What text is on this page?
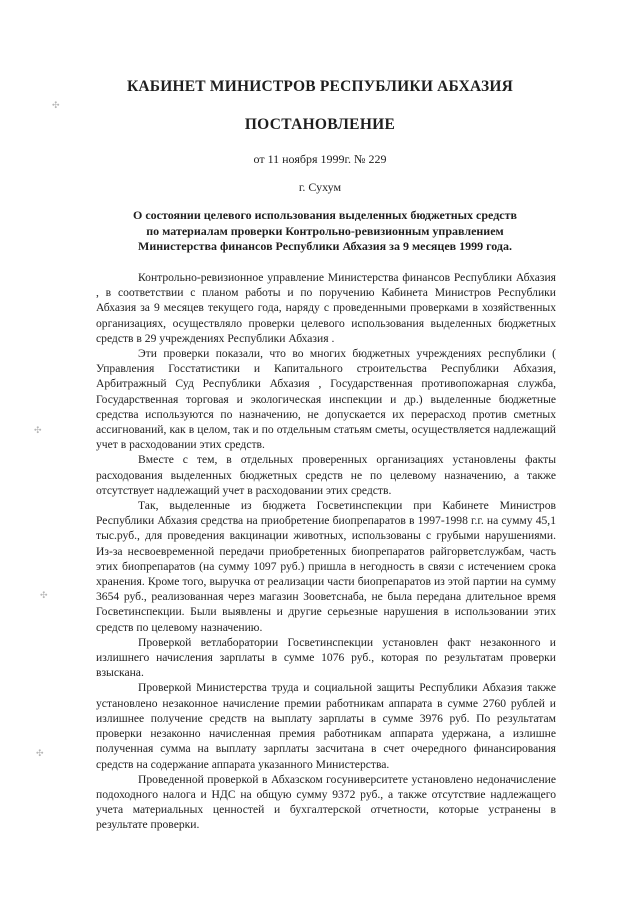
КАБИНЕТ МИНИСТРОВ РЕСПУБЛИКИ АБХАЗИЯ
ПОСТАНОВЛЕНИЕ
от 11 ноября 1999г. № 229
г. Сухум
О состоянии целевого использования выделенных бюджетных средств
по материалам проверки Контрольно-ревизионным управлением
Министерства финансов Республики Абхазия за 9 месяцев 1999 года.

Контрольно-ревизионное управление Министерства финансов Республики Абхазия , в соответствии с планом работы и по поручению Кабинета Министров Республики Абхазия за 9 месяцев текущего года, наряду с проведенными проверками в хозяйственных организациях, осуществляло проверки целевого использования выделенных бюджетных средств в 29 учреждениях Республики Абхазия .

Эти проверки показали, что во многих бюджетных учреждениях республики ( Управления Госстатистики и Капитального строительства Республики Абхазия, Арбитражный Суд Республики Абхазия , Государственная противопожарная служба, Государственная торговая и экологическая инспекции и др.) выделенные бюджетные средства используются по назначению, не допускается их перерасход против сметных ассигнований, как в целом, так и по отдельным статьям сметы, осуществляется надлежащий учет в расходовании этих средств.

Вместе с тем, в отдельных проверенных организациях установлены факты расходования выделенных бюджетных средств не по целевому назначению, а также отсутствует надлежащий учет в расходовании этих средств.

Так, выделенные из бюджета Госветинспекции при Кабинете Министров Республики Абхазия средства на приобретение биопрепаратов в 1997-1998 г.г. на сумму 45,1 тыс.руб., для проведения вакцинации животных, использованы с грубыми нарушениями. Из-за несвоевременной передачи приобретенных биопрепаратов райгорветслужбам, часть этих биопрепаратов (на сумму 1097 руб.) пришла в негодность в связи с истечением срока хранения. Кроме того, выручка от реализации части биопрепаратов из этой партии на сумму 3654 руб., реализованная через магазин Зооветснаба, не была передана длительное время Госветинспекции. Были выявлены и другие серьезные нарушения в использовании этих средств по целевому назначению.

Проверкой ветлаборатории Госветинспекции установлен факт незаконного и излишнего начисления зарплаты в сумме 1076 руб., которая по результатам проверки взыскана.

Проверкой Министерства труда и социальной защиты Республики Абхазия также установлено незаконное начисление премии работникам аппарата в сумме 2760 рублей и излишнее получение средств на выплату зарплаты в сумме 3976 руб. По результатам проверки незаконно начисленная премия работникам аппарата удержана, а излишне полученная сумма на выплату зарплаты засчитана в счет очередного финансирования средств на содержание аппарата указанного Министерства.

Проведенной проверкой в Абхазском госуниверситете установлено недоначисление подоходного налога и НДС на общую сумму 9372 руб., а также отсутствие надлежащего учета материальных ценностей и бухгалтерской отчетности, которые устранены в результате проверки.

✣
✣
✣
✣
